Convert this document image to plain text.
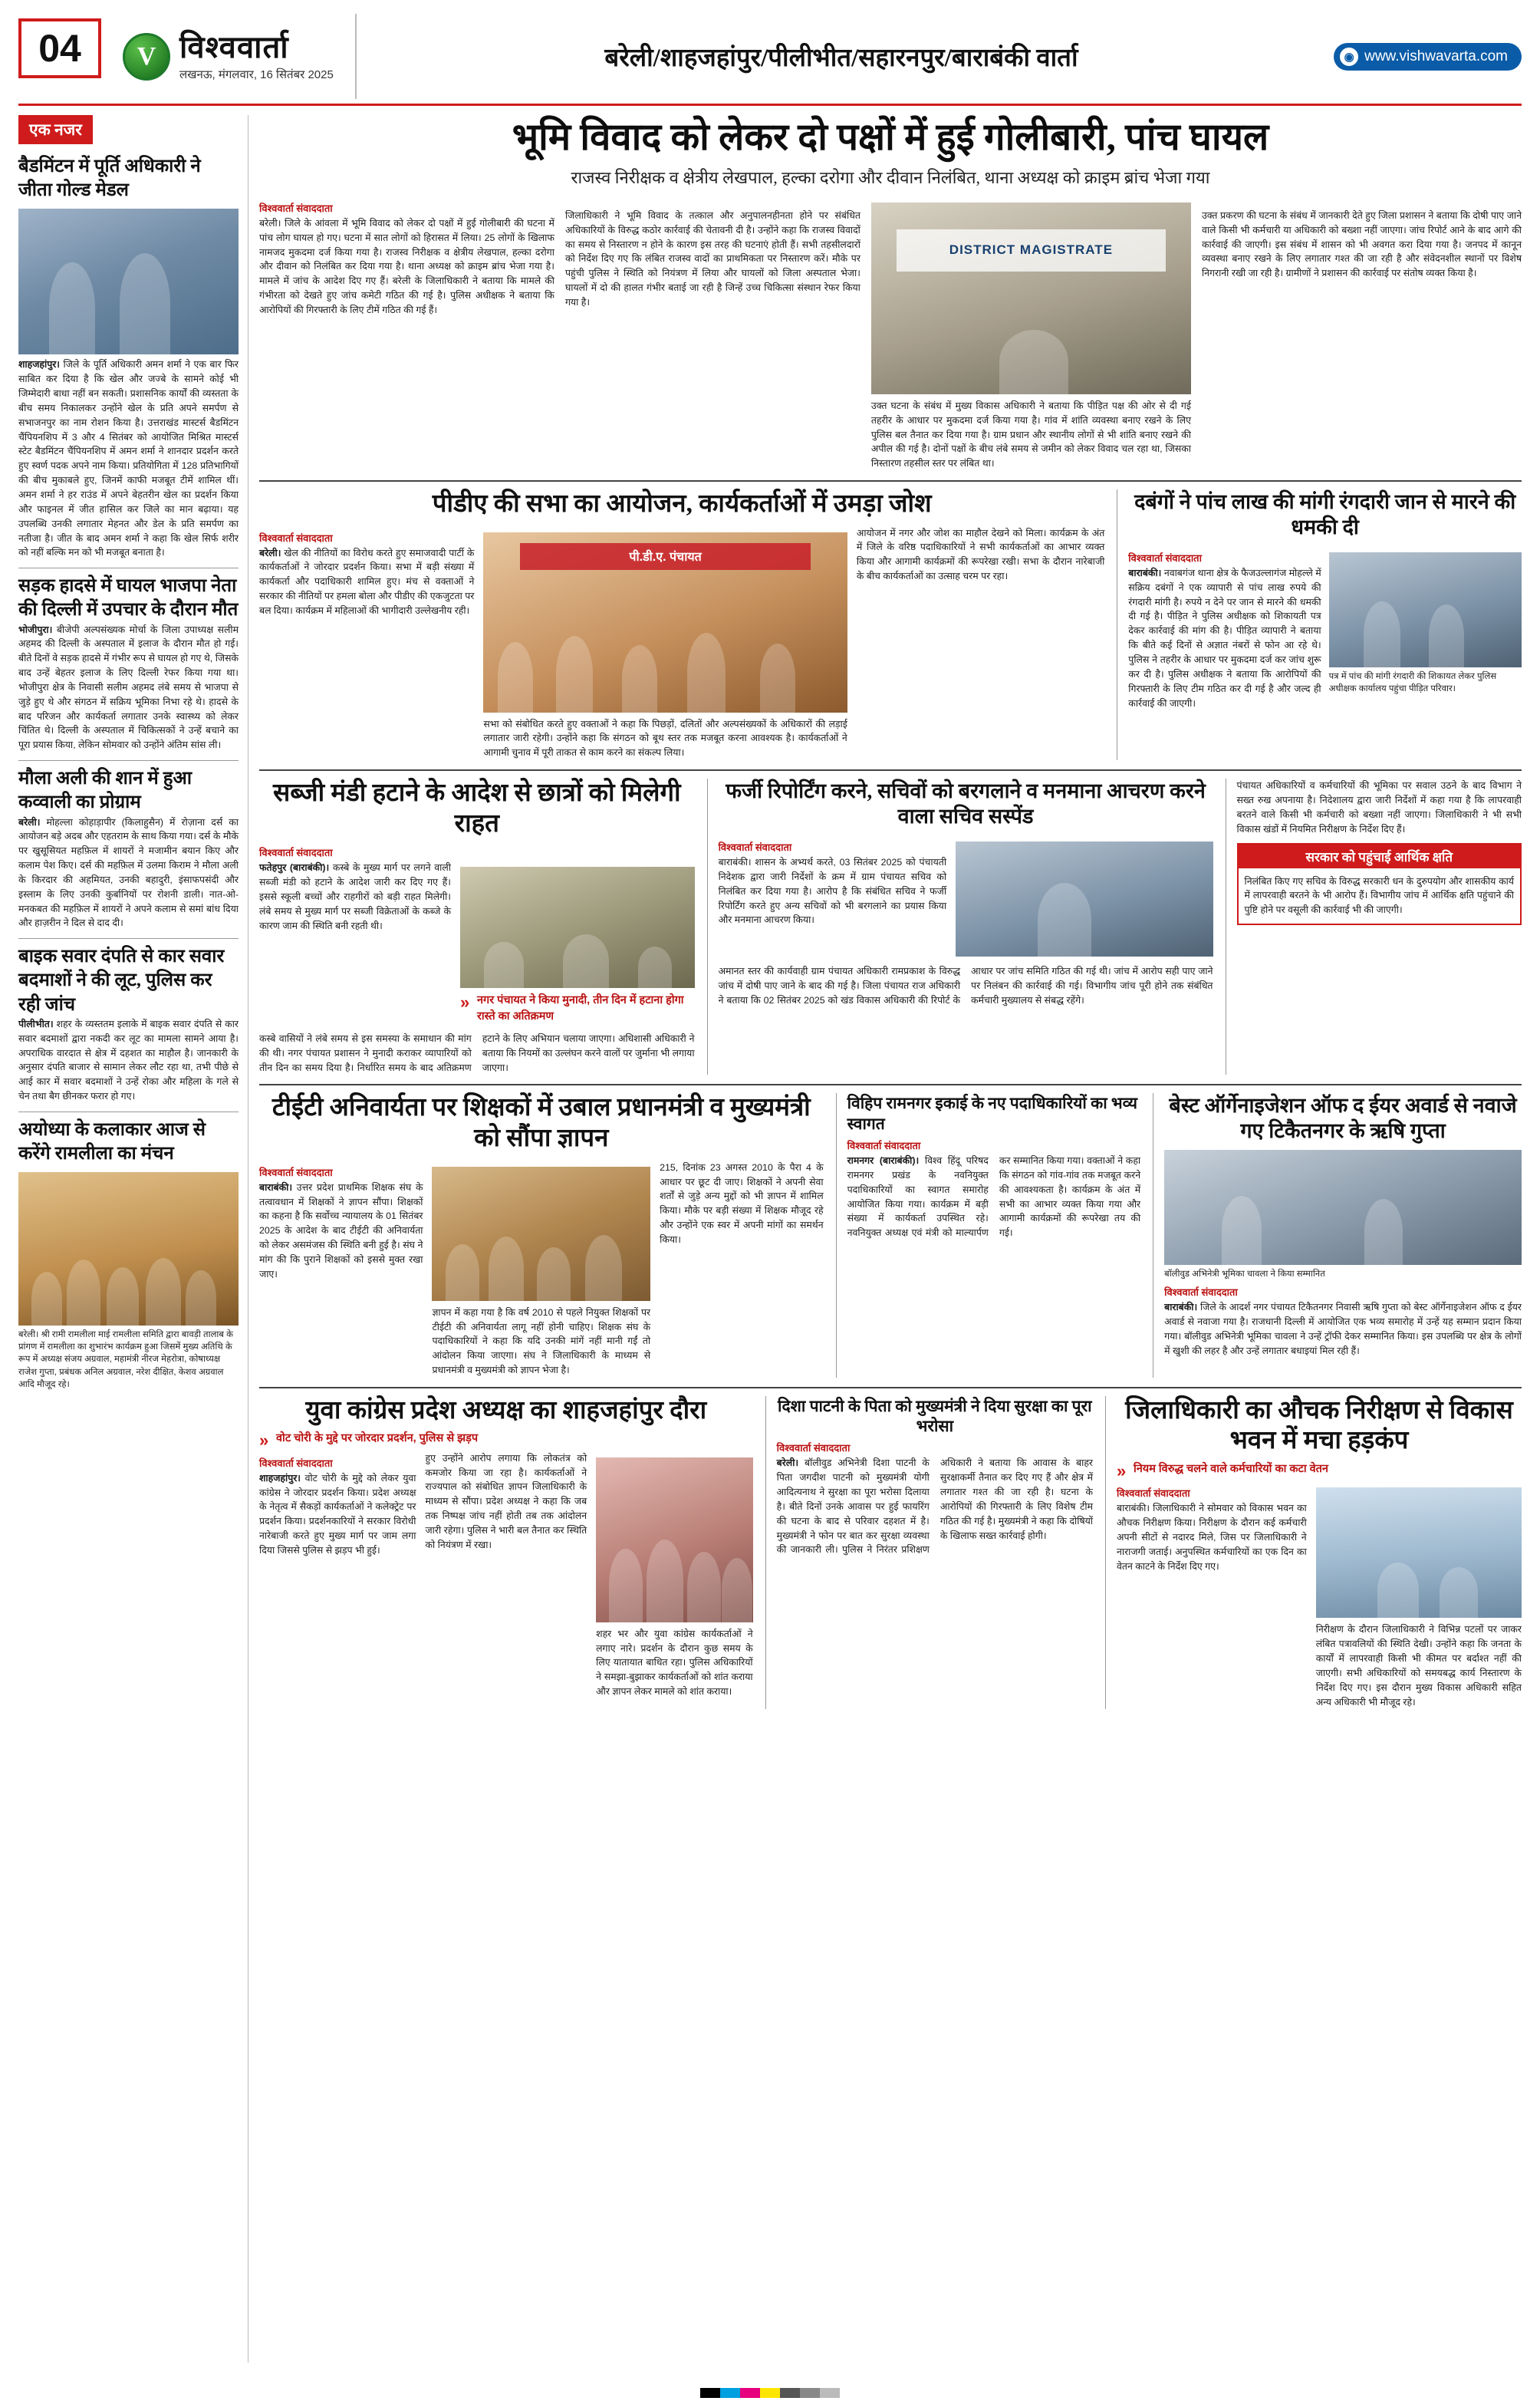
04	V विश्ववार्ता
लखनऊ, मंगलवार, 16 सितंबर 2025
बरेली/शाहजहांपुर/पीलीभीत/सहारनपुर/बाराबंकी वार्ता	◉ www.vishwavarta.com
एक नजर
बैडमिंटन में पूर्ति अधिकारी ने जीता गोल्ड मेडल
शाहजहांपुर। जिले के पूर्ति अधिकारी अमन शर्मा ने एक बार फिर साबित कर दिया है कि खेल और जज्बे के सामने कोई भी जिम्मेदारी बाधा नहीं बन सकती। प्रशासनिक कार्यों की व्यस्तता के बीच समय निकालकर उन्होंने खेल के प्रति अपने समर्पण से सभाजनपुर का नाम रोशन किया है। उत्तराखंड मास्टर्स बैडमिंटन चैंपियनशिप में 3 और 4 सितंबर को आयोजित मिश्रित मास्टर्स स्टेट बैडमिंटन चैंपियनशिप में अमन शर्मा ने शानदार प्रदर्शन करते हुए स्वर्ण पदक अपने नाम किया। प्रतियोगिता में 128 प्रतिभागियों की बीच मुकाबले हुए, जिनमें काफी मजबूत टीमें शामिल थीं। अमन शर्मा ने हर राउंड में अपने बेहतरीन खेल का प्रदर्शन किया और फाइनल में जीत हासिल कर जिले का मान बढ़ाया। यह उपलब्धि उनकी लगातार मेहनत और डेल के प्रति समर्पण का नतीजा है। जीत के बाद अमन शर्मा ने कहा कि खेल सिर्फ शरीर को नहीं बल्कि मन को भी मजबूत बनाता है।
सड़क हादसे में घायल भाजपा नेता की दिल्ली में उपचार के दौरान मौत
भोजीपुरा। बीजेपी अल्पसंख्यक मोर्चा के जिला उपाध्यक्ष सलीम अहमद की दिल्ली के अस्पताल में इलाज के दौरान मौत हो गई। बीते दिनों वे सड़क हादसे में गंभीर रूप से घायल हो गए थे, जिसके बाद उन्हें बेहतर इलाज के लिए दिल्ली रेफर किया गया था। भोजीपुरा क्षेत्र के निवासी सलीम अहमद लंबे समय से भाजपा से जुड़े हुए थे और संगठन में सक्रिय भूमिका निभा रहे थे। हादसे के बाद परिजन और कार्यकर्ता लगातार उनके स्वास्थ्य को लेकर चिंतित थे। दिल्ली के अस्पताल में चिकित्सकों ने उन्हें बचाने का पूरा प्रयास किया, लेकिन सोमवार को उन्होंने अंतिम सांस ली।
मौला अली की शान में हुआ कव्वाली का प्रोग्राम
बरेली। मोहल्ला कोहाड़ापीर (किलाहुसैन) में रोज़ाना दर्स का आयोजन बड़े अदब और एहतराम के साथ किया गया। दर्स के मौके पर खुसूसियत महफ़िल में शायरों ने मजामीन बयान किए और कलाम पेश किए। दर्स की महफ़िल में उलमा किराम ने मौला अली के किरदार की अहमियत, उनकी बहादुरी, इंसाफपसंदी और इस्लाम के लिए उनकी कुर्बानियों पर रोशनी डाली। नात-ओ-मनकबत की महफ़िल में शायरों ने अपने कलाम से समां बांध दिया और हाज़रीन ने दिल से दाद दी।
बाइक सवार दंपति से कार सवार बदमाशों ने की लूट, पुलिस कर रही जांच
पीलीभीत। शहर के व्यस्ततम इलाके में बाइक सवार दंपति से कार सवार बदमाशों द्वारा नकदी कर लूट का मामला सामने आया है। अपराधिक वारदात से क्षेत्र में दहशत का माहौल है। जानकारी के अनुसार दंपति बाजार से सामान लेकर लौट रहा था, तभी पीछे से आई कार में सवार बदमाशों ने उन्हें रोका और महिला के गले से चेन तथा बैग छीनकर फरार हो गए।
अयोध्या के कलाकार आज से करेंगे रामलीला का मंचन
बरेली। श्री रामी रामलीला माई रामलीला समिति द्वारा बावड़ी तालाब के प्रांगण में रामलीला का शुभारंभ कार्यक्रम हुआ जिसमें मुख्य अतिथि के रूप में अध्यक्ष संजय अग्रवाल, महामंत्री नीरज मेहरोत्रा, कोषाध्यक्ष राजेश गुप्ता, प्रबंधक अनिल अग्रवाल, नरेश दीक्षित, केशव अग्रवाल आदि मौजूद रहे।
भूमि विवाद को लेकर दो पक्षों में हुई गोलीबारी, पांच घायल
राजस्व निरीक्षक व क्षेत्रीय लेखपाल, हल्का दरोगा और दीवान निलंबित, थाना अध्यक्ष को क्राइम ब्रांच भेजा गया
विश्ववार्ता संवाददाता
बरेली। जिले के आंवला में भूमि विवाद को लेकर दो पक्षों में हुई गोलीबारी की घटना में पांच लोग घायल हो गए। घटना में सात लोगों को हिरासत में लिया। 25 लोगों के खिलाफ नामजद मुकदमा दर्ज किया गया है। राजस्व निरीक्षक व क्षेत्रीय लेखपाल, हल्का दरोगा और दीवान को निलंबित कर दिया गया है। थाना अध्यक्ष को क्राइम ब्रांच भेजा गया है। मामले में जांच के आदेश दिए गए हैं। बरेली के जिलाधिकारी ने बताया कि मामले की गंभीरता को देखते हुए जांच कमेटी गठित की गई है। पुलिस अधीक्षक ने बताया कि आरोपियों की गिरफ्तारी के लिए टीमें गठित की गई हैं।
जिलाधिकारी ने भूमि विवाद के तत्काल और अनुपालनहीनता होने पर संबंधित अधिकारियों के विरुद्ध कठोर कार्रवाई की चेतावनी दी है। उन्होंने कहा कि राजस्व विवादों का समय से निस्तारण न होने के कारण इस तरह की घटनाएं होती हैं। सभी तहसीलदारों को निर्देश दिए गए कि लंबित राजस्व वादों का प्राथमिकता पर निस्तारण करें। मौके पर पहुंची पुलिस ने स्थिति को नियंत्रण में लिया और घायलों को जिला अस्पताल भेजा। घायलों में दो की हालत गंभीर बताई जा रही है जिन्हें उच्च चिकित्सा संस्थान रेफर किया गया है।
DISTRICT MAGISTRATE
उक्त घटना के संबंध में मुख्य विकास अधिकारी ने बताया कि पीड़ित पक्ष की ओर से दी गई तहरीर के आधार पर मुकदमा दर्ज किया गया है। गांव में शांति व्यवस्था बनाए रखने के लिए पुलिस बल तैनात कर दिया गया है। ग्राम प्रधान और स्थानीय लोगों से भी शांति बनाए रखने की अपील की गई है। दोनों पक्षों के बीच लंबे समय से जमीन को लेकर विवाद चल रहा था, जिसका निस्तारण तहसील स्तर पर लंबित था।
उक्त प्रकरण की घटना के संबंध में जानकारी देते हुए जिला प्रशासन ने बताया कि दोषी पाए जाने वाले किसी भी कर्मचारी या अधिकारी को बख्शा नहीं जाएगा। जांच रिपोर्ट आने के बाद आगे की कार्रवाई की जाएगी। इस संबंध में शासन को भी अवगत करा दिया गया है। जनपद में कानून व्यवस्था बनाए रखने के लिए लगातार गश्त की जा रही है और संवेदनशील स्थानों पर विशेष निगरानी रखी जा रही है। ग्रामीणों ने प्रशासन की कार्रवाई पर संतोष व्यक्त किया है।
पीडीए की सभा का आयोजन, कार्यकर्ताओं में उमड़ा जोश
विश्ववार्ता संवाददाता
बरेली। खेल की नीतियों का विरोध करते हुए समाजवादी पार्टी के कार्यकर्ताओं ने जोरदार प्रदर्शन किया। सभा में बड़ी संख्या में कार्यकर्ता और पदाधिकारी शामिल हुए। मंच से वक्ताओं ने सरकार की नीतियों पर हमला बोला और पीडीए की एकजुटता पर बल दिया। कार्यक्रम में महिलाओं की भागीदारी उल्लेखनीय रही।
पी.डी.ए. पंचायत
सभा को संबोधित करते हुए वक्ताओं ने कहा कि पिछड़ों, दलितों और अल्पसंख्यकों के अधिकारों की लड़ाई लगातार जारी रहेगी। उन्होंने कहा कि संगठन को बूथ स्तर तक मजबूत करना आवश्यक है। कार्यकर्ताओं ने आगामी चुनाव में पूरी ताकत से काम करने का संकल्प लिया।
आयोजन में नगर और जोश का माहौल देखने को मिला। कार्यक्रम के अंत में जिले के वरिष्ठ पदाधिकारियों ने सभी कार्यकर्ताओं का आभार व्यक्त किया और आगामी कार्यक्रमों की रूपरेखा रखी। सभा के दौरान नारेबाजी के बीच कार्यकर्ताओं का उत्साह चरम पर रहा।
दबंगों ने पांच लाख की मांगी रंगदारी जान से मारने की धमकी दी
विश्ववार्ता संवाददाता
बाराबंकी। नवाबगंज थाना क्षेत्र के फैजउल्लागंज मोहल्ले में सक्रिय दबंगों ने एक व्यापारी से पांच लाख रुपये की रंगदारी मांगी है। रुपये न देने पर जान से मारने की धमकी दी गई है। पीड़ित ने पुलिस अधीक्षक को शिकायती पत्र देकर कार्रवाई की मांग की है। पीड़ित व्यापारी ने बताया कि बीते कई दिनों से अज्ञात नंबरों से फोन आ रहे थे। पुलिस ने तहरीर के आधार पर मुकदमा दर्ज कर जांच शुरू कर दी है। पुलिस अधीक्षक ने बताया कि आरोपियों की गिरफ्तारी के लिए टीम गठित कर दी गई है और जल्द ही कार्रवाई की जाएगी।
पत्र में पांच की मांगी रंगदारी की शिकायत लेकर पुलिस अधीक्षक कार्यालय पहुंचा पीड़ित परिवार।
सब्जी मंडी हटाने के आदेश से छात्रों को मिलेगी राहत
विश्ववार्ता संवाददाता
फतेहपुर (बाराबंकी)। कस्बे के मुख्य मार्ग पर लगने वाली सब्जी मंडी को हटाने के आदेश जारी कर दिए गए हैं। इससे स्कूली बच्चों और राहगीरों को बड़ी राहत मिलेगी। लंबे समय से मुख्य मार्ग पर सब्जी विक्रेताओं के कब्जे के कारण जाम की स्थिति बनी रहती थी।
» नगर पंचायत ने किया मुनादी, तीन दिन में हटाना होगा रास्ते का अतिक्रमण
कस्बे वासियों ने लंबे समय से इस समस्या के समाधान की मांग की थी। नगर पंचायत प्रशासन ने मुनादी कराकर व्यापारियों को तीन दिन का समय दिया है। निर्धारित समय के बाद अतिक्रमण हटाने के लिए अभियान चलाया जाएगा। अधिशासी अधिकारी ने बताया कि नियमों का उल्लंघन करने वालों पर जुर्माना भी लगाया जाएगा।
फर्जी रिपोर्टिंग करने, सचिवों को बरगलाने व मनमाना आचरण करने वाला सचिव सस्पेंड
विश्ववार्ता संवाददाता
बाराबंकी। शासन के अभ्यर्थ करते, 03 सितंबर 2025 को पंचायती निदेशक द्वारा जारी निर्देशों के क्रम में ग्राम पंचायत सचिव को निलंबित कर दिया गया है। आरोप है कि संबंधित सचिव ने फर्जी रिपोर्टिंग करते हुए अन्य सचिवों को भी बरगलाने का प्रयास किया और मनमाना आचरण किया।
अमानत स्तर की कार्यवाही ग्राम पंचायत अधिकारी रामप्रकाश के विरुद्ध जांच में दोषी पाए जाने के बाद की गई है। जिला पंचायत राज अधिकारी ने बताया कि 02 सितंबर 2025 को खंड विकास अधिकारी की रिपोर्ट के आधार पर जांच समिति गठित की गई थी। जांच में आरोप सही पाए जाने पर निलंबन की कार्रवाई की गई। विभागीय जांच पूरी होने तक संबंधित कर्मचारी मुख्यालय से संबद्ध रहेंगे।
पंचायत अधिकारियों व कर्मचारियों की भूमिका पर सवाल उठने के बाद विभाग ने सख्त रुख अपनाया है। निदेशालय द्वारा जारी निर्देशों में कहा गया है कि लापरवाही बरतने वाले किसी भी कर्मचारी को बख्शा नहीं जाएगा। जिलाधिकारी ने भी सभी विकास खंडों में नियमित निरीक्षण के निर्देश दिए हैं।
सरकार को पहुंचाई आर्थिक क्षति
निलंबित किए गए सचिव के विरुद्ध सरकारी धन के दुरुपयोग और शासकीय कार्य में लापरवाही बरतने के भी आरोप हैं। विभागीय जांच में आर्थिक क्षति पहुंचाने की पुष्टि होने पर वसूली की कार्रवाई भी की जाएगी।
टीईटी अनिवार्यता पर शिक्षकों में उबाल प्रधानमंत्री व मुख्यमंत्री को सौंपा ज्ञापन
विश्ववार्ता संवाददाता
बाराबंकी। उत्तर प्रदेश प्राथमिक शिक्षक संघ के तत्वावधान में शिक्षकों ने ज्ञापन सौंपा। शिक्षकों का कहना है कि सर्वोच्च न्यायालय के 01 सितंबर 2025 के आदेश के बाद टीईटी की अनिवार्यता को लेकर असमंजस की स्थिति बनी हुई है। संघ ने मांग की कि पुराने शिक्षकों को इससे मुक्त रखा जाए।
ज्ञापन में कहा गया है कि वर्ष 2010 से पहले नियुक्त शिक्षकों पर टीईटी की अनिवार्यता लागू नहीं होनी चाहिए। शिक्षक संघ के पदाधिकारियों ने कहा कि यदि उनकी मांगें नहीं मानी गईं तो आंदोलन किया जाएगा। संघ ने जिलाधिकारी के माध्यम से प्रधानमंत्री व मुख्यमंत्री को ज्ञापन भेजा है।
215, दिनांक 23 अगस्त 2010 के पैरा 4 के आधार पर छूट दी जाए। शिक्षकों ने अपनी सेवा शर्तों से जुड़े अन्य मुद्दों को भी ज्ञापन में शामिल किया। मौके पर बड़ी संख्या में शिक्षक मौजूद रहे और उन्होंने एक स्वर में अपनी मांगों का समर्थन किया।
विहिप रामनगर इकाई के नए पदाधिकारियों का भव्य स्वागत
विश्ववार्ता संवाददाता
रामनगर (बाराबंकी)। विश्व हिंदू परिषद रामनगर प्रखंड के नवनियुक्त पदाधिकारियों का स्वागत समारोह आयोजित किया गया। कार्यक्रम में बड़ी संख्या में कार्यकर्ता उपस्थित रहे। नवनियुक्त अध्यक्ष एवं मंत्री को माल्यार्पण कर सम्मानित किया गया। वक्ताओं ने कहा कि संगठन को गांव-गांव तक मजबूत करने की आवश्यकता है। कार्यक्रम के अंत में सभी का आभार व्यक्त किया गया और आगामी कार्यक्रमों की रूपरेखा तय की गई।
बेस्ट ऑर्गेनाइजेशन ऑफ द ईयर अवार्ड से नवाजे गए टिकैतनगर के ऋषि गुप्ता
बॉलीवुड अभिनेत्री भूमिका चावला ने किया सम्मानित
विश्ववार्ता संवाददाता
बाराबंकी। जिले के आदर्श नगर पंचायत टिकैतनगर निवासी ऋषि गुप्ता को बेस्ट ऑर्गेनाइजेशन ऑफ द ईयर अवार्ड से नवाजा गया है। राजधानी दिल्ली में आयोजित एक भव्य समारोह में उन्हें यह सम्मान प्रदान किया गया। बॉलीवुड अभिनेत्री भूमिका चावला ने उन्हें ट्रॉफी देकर सम्मानित किया। इस उपलब्धि पर क्षेत्र के लोगों में खुशी की लहर है और उन्हें लगातार बधाइयां मिल रही हैं।
युवा कांग्रेस प्रदेश अध्यक्ष का शाहजहांपुर दौरा
» वोट चोरी के मुद्दे पर जोरदार प्रदर्शन, पुलिस से झड़प
विश्ववार्ता संवाददाता
शाहजहांपुर। वोट चोरी के मुद्दे को लेकर युवा कांग्रेस ने जोरदार प्रदर्शन किया। प्रदेश अध्यक्ष के नेतृत्व में सैकड़ों कार्यकर्ताओं ने कलेक्ट्रेट पर प्रदर्शन किया। प्रदर्शनकारियों ने सरकार विरोधी नारेबाजी करते हुए मुख्य मार्ग पर जाम लगा दिया जिससे पुलिस से झड़प भी हुई।
हुए उन्होंने आरोप लगाया कि लोकतंत्र को कमजोर किया जा रहा है। कार्यकर्ताओं ने राज्यपाल को संबोधित ज्ञापन जिलाधिकारी के माध्यम से सौंपा। प्रदेश अध्यक्ष ने कहा कि जब तक निष्पक्ष जांच नहीं होती तब तक आंदोलन जारी रहेगा। पुलिस ने भारी बल तैनात कर स्थिति को नियंत्रण में रखा।
शहर भर और युवा कांग्रेस कार्यकर्ताओं ने लगाए नारे। प्रदर्शन के दौरान कुछ समय के लिए यातायात बाधित रहा। पुलिस अधिकारियों ने समझा-बुझाकर कार्यकर्ताओं को शांत कराया और ज्ञापन लेकर मामले को शांत कराया।
दिशा पाटनी के पिता को मुख्यमंत्री ने दिया सुरक्षा का पूरा भरोसा
विश्ववार्ता संवाददाता
बरेली। बॉलीवुड अभिनेत्री दिशा पाटनी के पिता जगदीश पाटनी को मुख्यमंत्री योगी आदित्यनाथ ने सुरक्षा का पूरा भरोसा दिलाया है। बीते दिनों उनके आवास पर हुई फायरिंग की घटना के बाद से परिवार दहशत में है। मुख्यमंत्री ने फोन पर बात कर सुरक्षा व्यवस्था की जानकारी ली। पुलिस ने निरंतर प्रशिक्षण अधिकारी ने बताया कि आवास के बाहर सुरक्षाकर्मी तैनात कर दिए गए हैं और क्षेत्र में लगातार गश्त की जा रही है। घटना के आरोपियों की गिरफ्तारी के लिए विशेष टीम गठित की गई है। मुख्यमंत्री ने कहा कि दोषियों के खिलाफ सख्त कार्रवाई होगी।
जिलाधिकारी का औचक निरीक्षण से विकास भवन में मचा हड़कंप
» नियम विरुद्ध चलने वाले कर्मचारियों का कटा वेतन
विश्ववार्ता संवाददाता
बाराबंकी। जिलाधिकारी ने सोमवार को विकास भवन का औचक निरीक्षण किया। निरीक्षण के दौरान कई कर्मचारी अपनी सीटों से नदारद मिले, जिस पर जिलाधिकारी ने नाराजगी जताई। अनुपस्थित कर्मचारियों का एक दिन का वेतन काटने के निर्देश दिए गए।
निरीक्षण के दौरान जिलाधिकारी ने विभिन्न पटलों पर जाकर लंबित पत्रावलियों की स्थिति देखी। उन्होंने कहा कि जनता के कार्यों में लापरवाही किसी भी कीमत पर बर्दाश्त नहीं की जाएगी। सभी अधिकारियों को समयबद्ध कार्य निस्तारण के निर्देश दिए गए। इस दौरान मुख्य विकास अधिकारी सहित अन्य अधिकारी भी मौजूद रहे।
